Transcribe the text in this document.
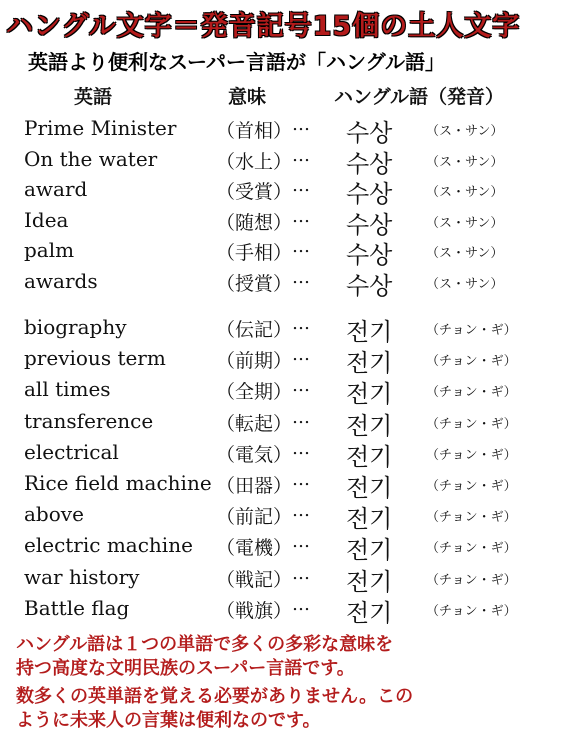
ハングル文字＝発音記号15個の土人文字
英語より便利なスーパー言語が「ハングル語」
英語	意味	ハングル語（発音）
Prime Minister （首相） … 수상	（ス・サン）
On the water	（水上） … 수상	（ス・サン）
award	（受賞） … 수상	（ス・サン）
Idea	（随想） … 수상	（ス・サン）
palm	（手相） … 수상	（ス・サン）
awards	（授賞） … 수상	（ス・サン）
biography	（伝記） … 전기	（チョン・ギ）
previous term	（前期） … 전기	（チョン・ギ）
all times	（全期） … 전기	（チョン・ギ）
transference	（転起） … 전기	（チョン・ギ）
electrical	（電気） … 전기	（チョン・ギ）
Rice field machine （田器） … 전기	（チョン・ギ）
above	（前記） … 전기	（チョン・ギ）
electric machine （電機） … 전기	（チョン・ギ）
war history	（戦記） … 전기	（チョン・ギ）
Battle flag	（戦旗） … 전기	（チョン・ギ）
ハングル語は１つの単語で多くの多彩な意味を
持つ高度な文明民族のスーパー言語です。
数多くの英単語を覚える必要がありません。この
ように未来人の言葉は便利なのです。
